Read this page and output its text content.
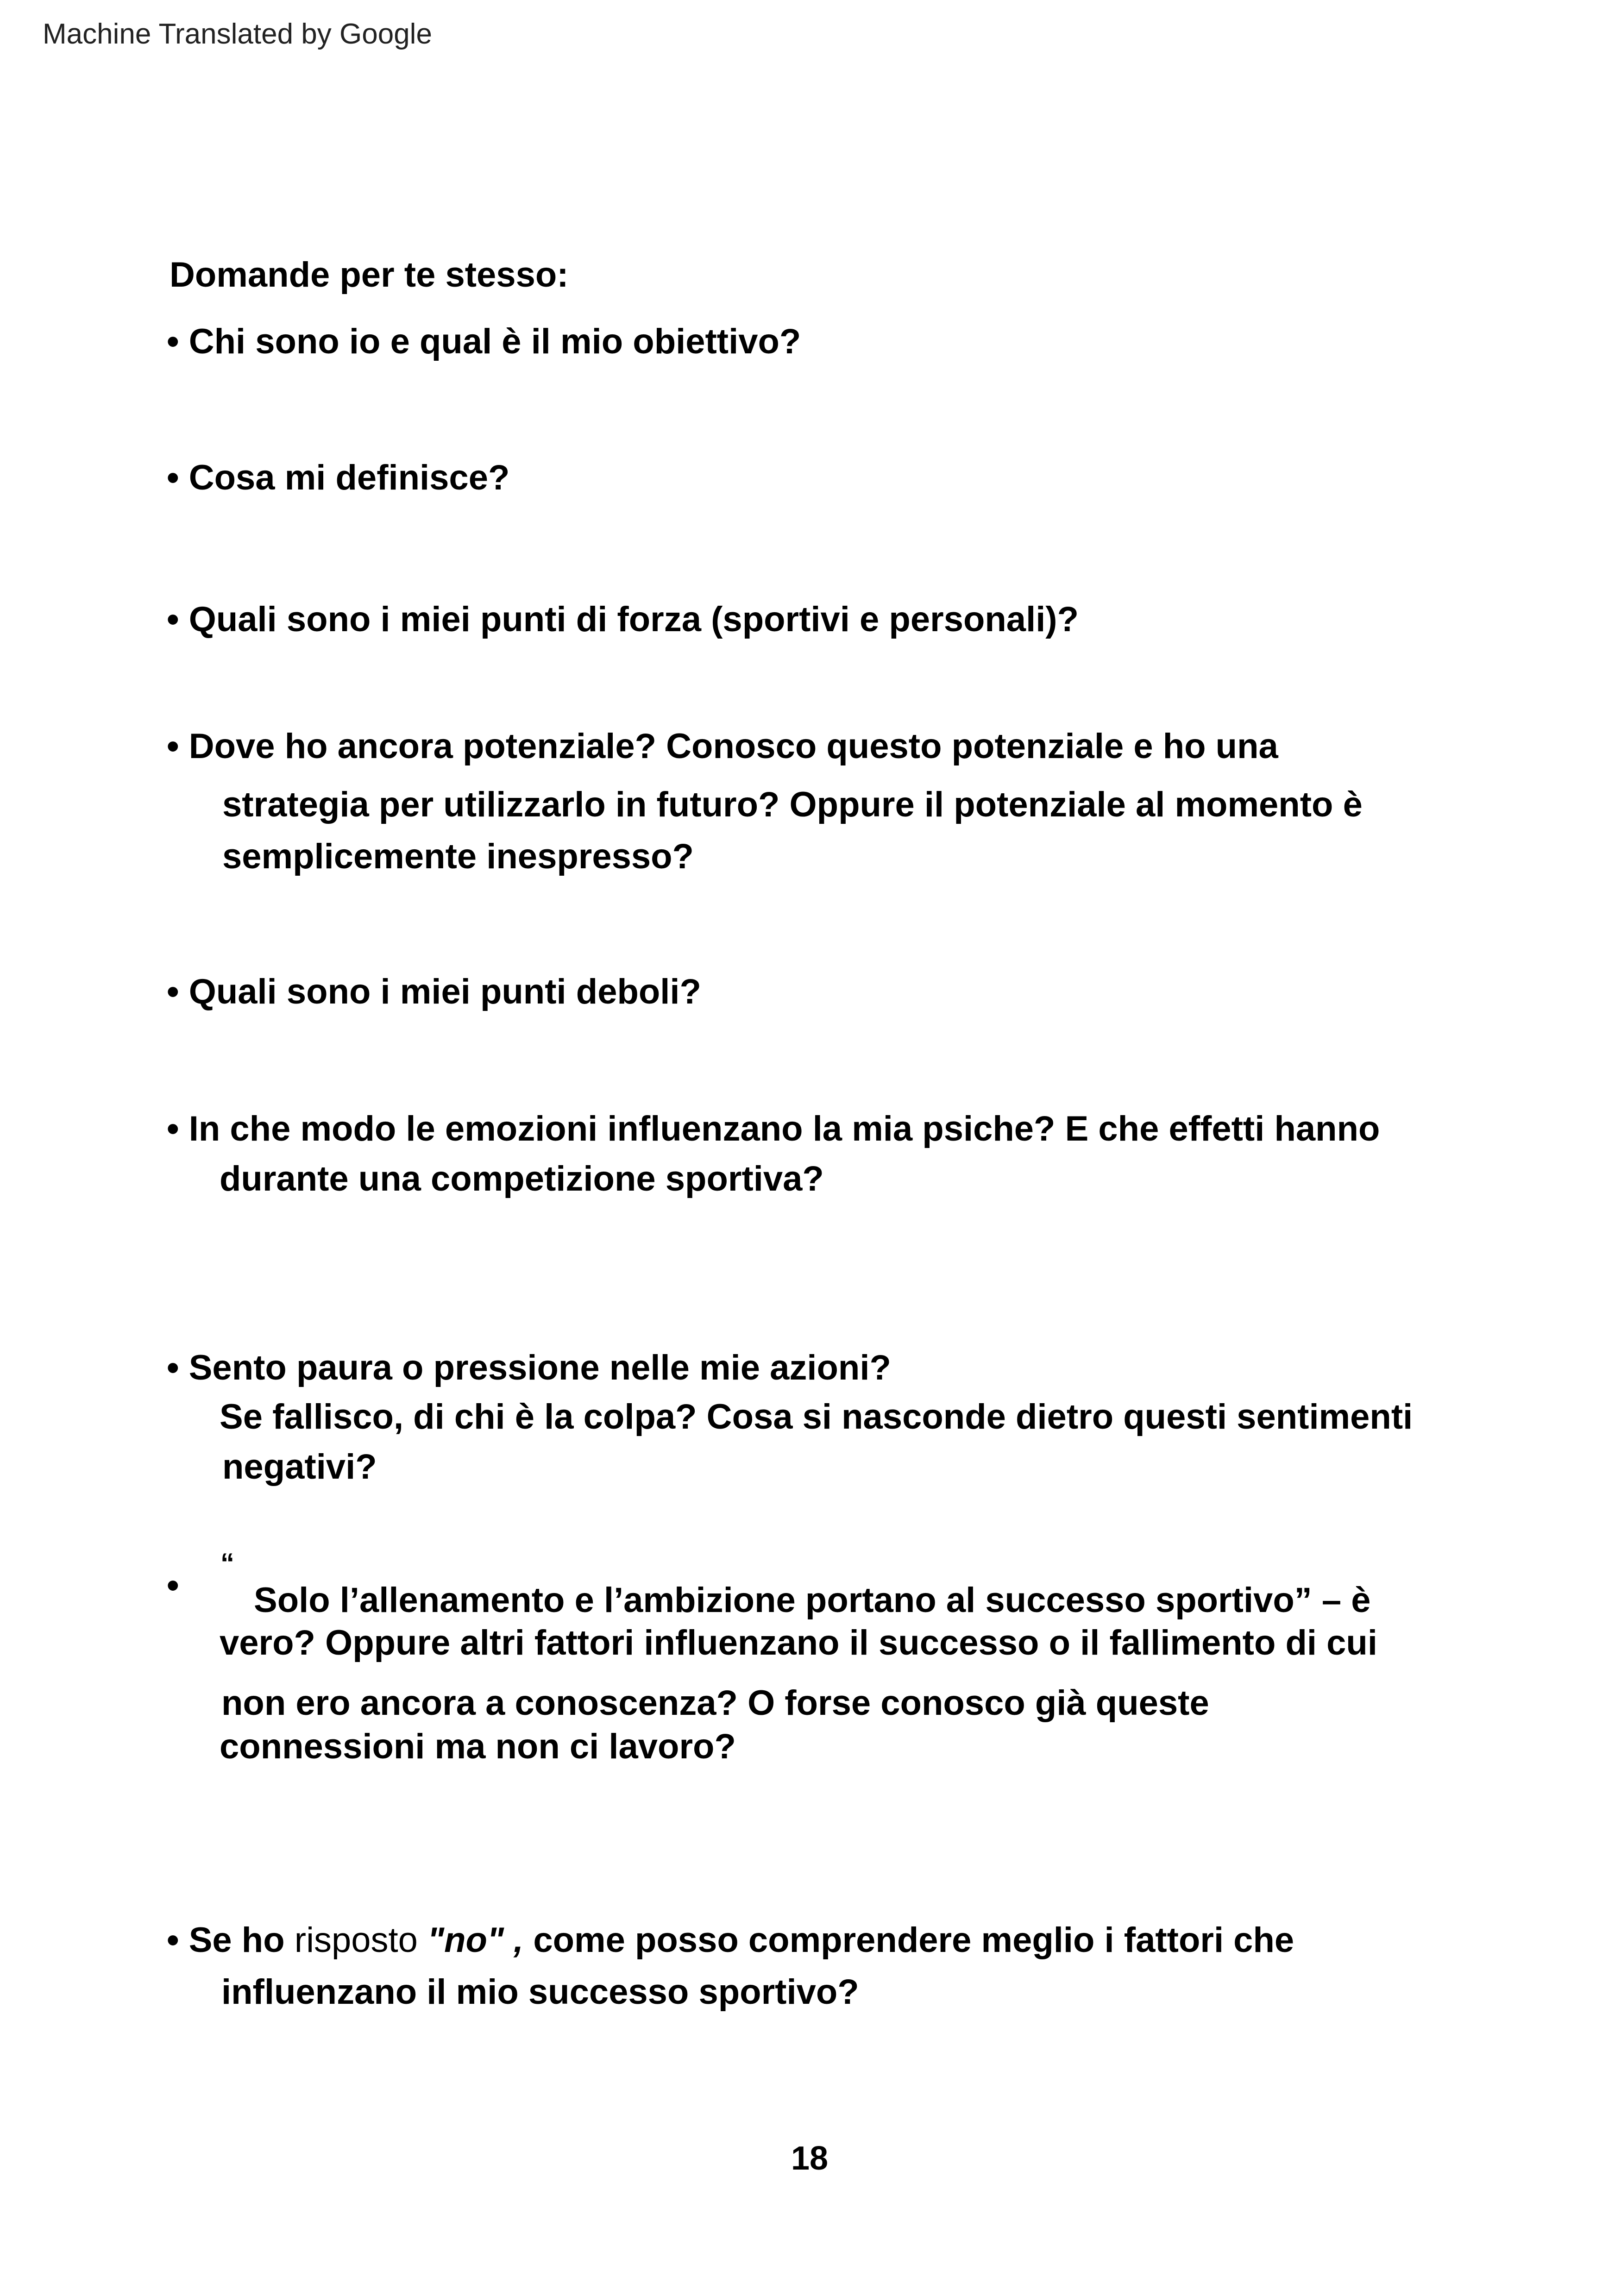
Machine Translated by Google
Domande per te stesso:
• Chi sono io e qual è il mio obiettivo?
• Cosa mi definisce?
• Quali sono i miei punti di forza (sportivi e personali)?
• Dove ho ancora potenziale? Conosco questo potenziale e ho una
strategia per utilizzarlo in futuro? Oppure il potenziale al momento è
semplicemente inespresso?
• Quali sono i miei punti deboli?
• In che modo le emozioni influenzano la mia psiche? E che effetti hanno
durante una competizione sportiva?
• Sento paura o pressione nelle mie azioni?
Se fallisco, di chi è la colpa? Cosa si nasconde dietro questi sentimenti
negativi?
•
“
Solo l’allenamento e l’ambizione portano al successo sportivo” – è
vero? Oppure altri fattori influenzano il successo o il fallimento di cui
non ero ancora a conoscenza? O forse conosco già queste
connessioni ma non ci lavoro?
• Se ho risposto "no" , come posso comprendere meglio i fattori che
influenzano il mio successo sportivo?
18
